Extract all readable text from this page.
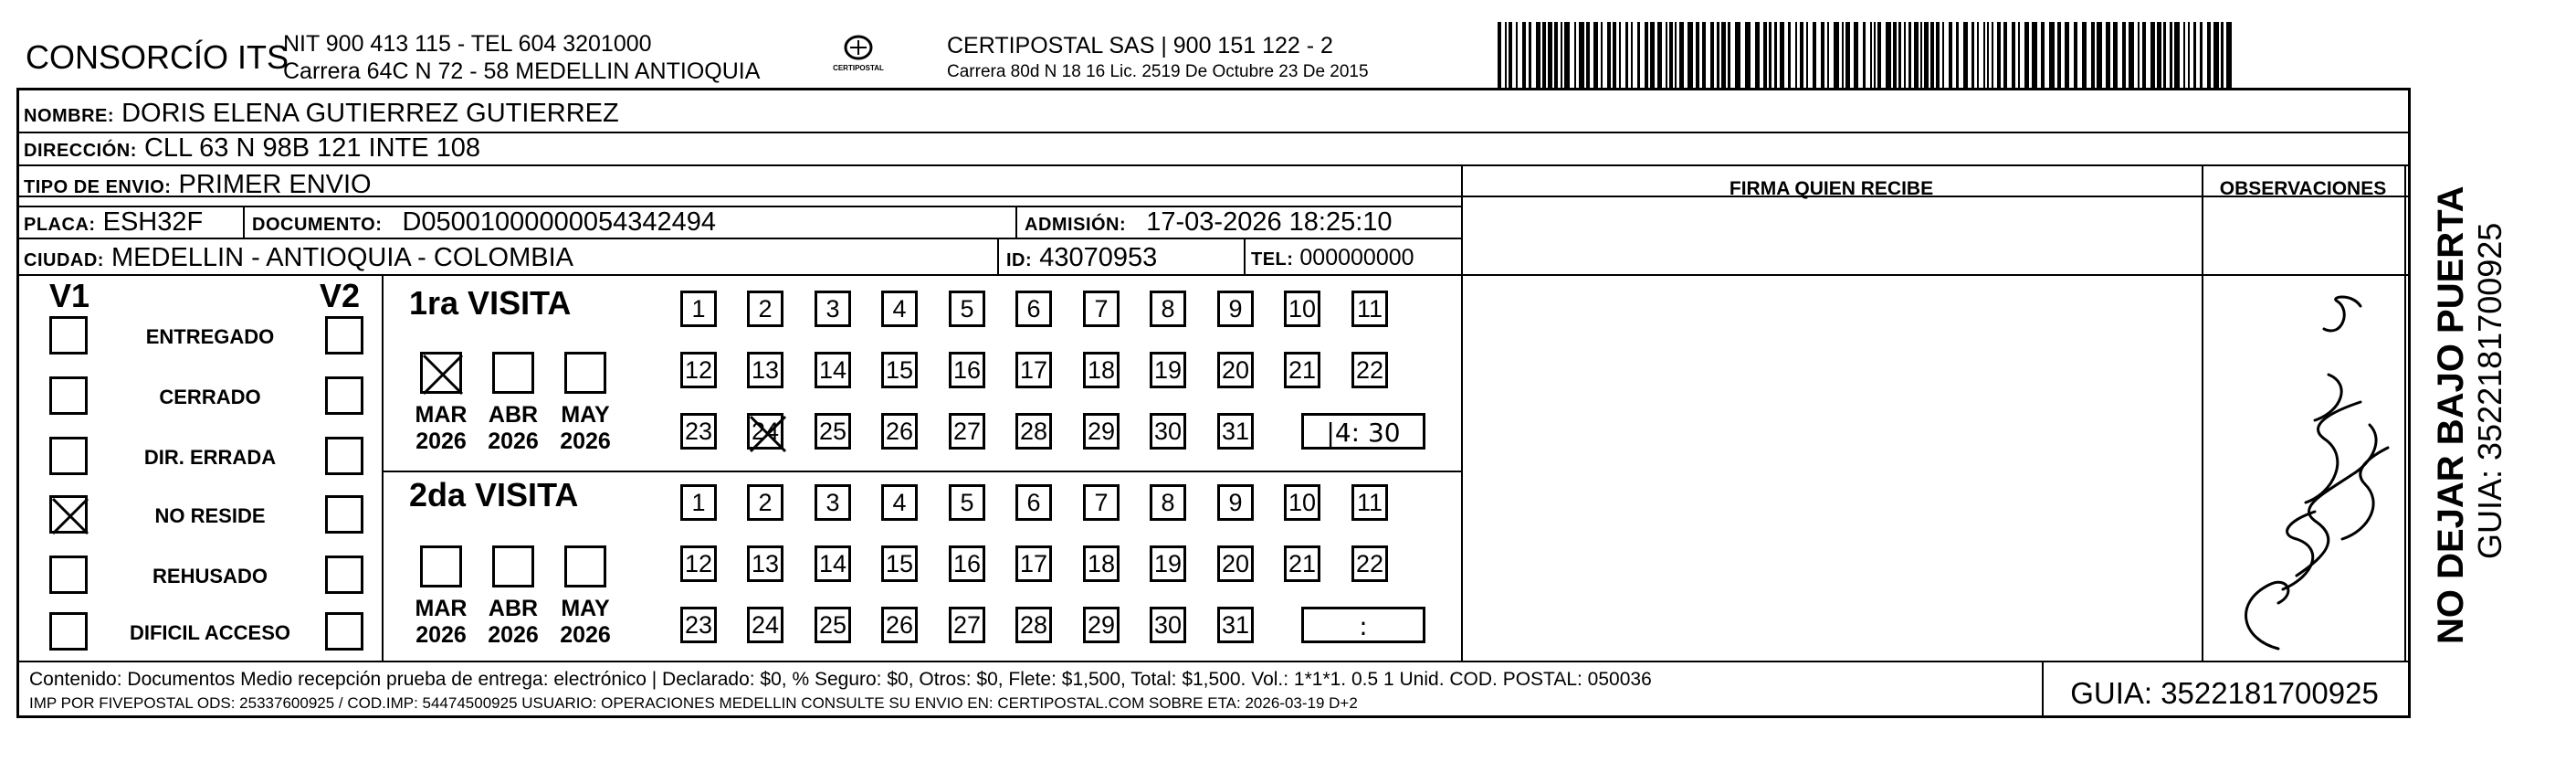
CONSORCÍO ITS
NIT 900 413 115 - TEL 604 3201000
Carrera 64C N 72 - 58 MEDELLIN ANTIOQUIA	CERTIPOSTAL
CERTIPOSTAL SAS | 900 151 122 - 2
Carrera 80d N 18 16 Lic. 2519 De Octubre 23 De 2015
NOMBRE: DORIS ELENA GUTIERREZ GUTIERREZ
DIRECCIÓN: CLL 63 N 98B 121 INTE 108
TIPO DE ENVIO: PRIMER ENVIO	FIRMA QUIEN RECIBE	OBSERVACIONES
PLACA: ESH32F	DOCUMENTO: D05001000000054342494	ADMISIÓN: 17-03-2026 18:25:10
CIUDAD: MEDELLIN - ANTIOQUIA - COLOMBIA	ID: 43070953	TEL: 000000000
V1	V2
ENTREGADO
CERRADO
DIR. ERRADA
NO RESIDE
REHUSADO
DIFICIL ACCESO
1ra VISITA
MAR
2026
ABR
2026
MAY
2026
1	2	3	4	5	6	7	8	9	10 11
12 13 14 15 16 17 18 19 20 21 22
23 24 25 26 27 28 29 30 31	|4: 30
2da VISITA
MAR
2026
ABR
2026
MAY
2026
1	2	3	4	5	6	7	8	9	10 11
12 13 14 15 16 17 18 19 20 21 22
23 24 25 26 27 28 29 30 31	:
Contenido: Documentos Medio recepción prueba de entrega: electrónico | Declarado: $0, % Seguro: $0, Otros: $0, Flete: $1,500, Total: $1,500. Vol.: 1*1*1. 0.5 1 Unid. COD. POSTAL: 050036
IMP POR FIVEPOSTAL ODS: 25337600925 / COD.IMP: 54474500925 USUARIO: OPERACIONES MEDELLIN CONSULTE SU ENVIO EN: CERTIPOSTAL.COM SOBRE ETA: 2026-03-19 D+2	GUIA: 3522181700925
NO DEJAR BAJO PUERTA GUIA: 3522181700925
